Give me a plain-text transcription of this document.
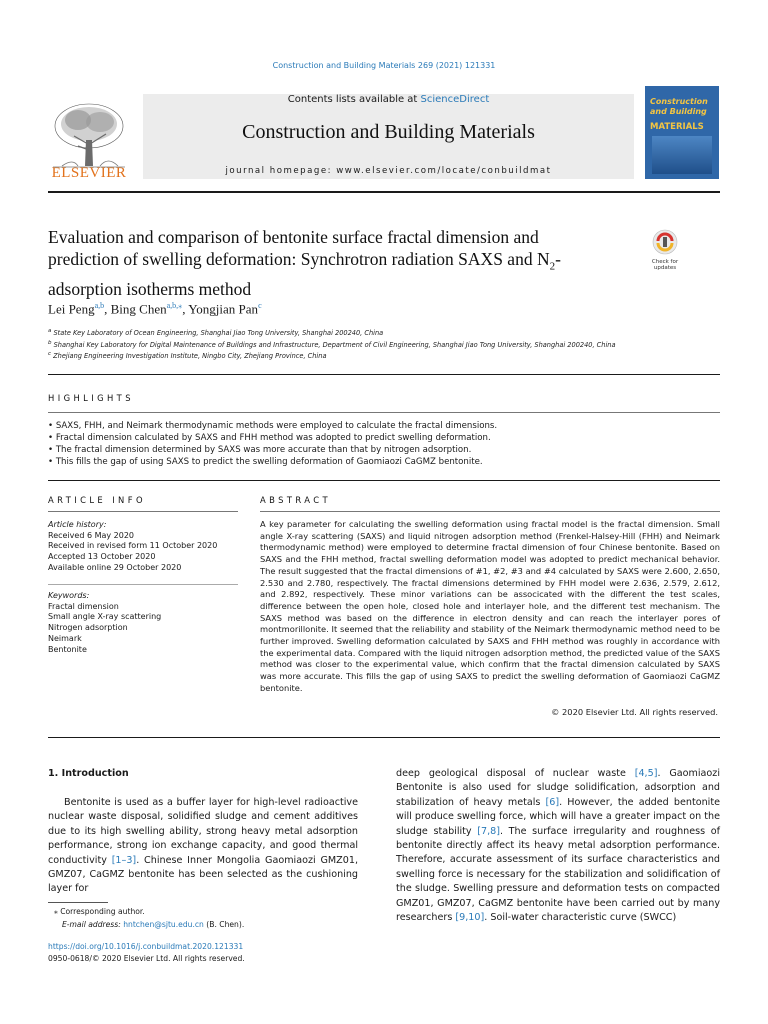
Construction and Building Materials 269 (2021) 121331
ELSEVIER
Contents lists available at ScienceDirect
Construction and Building Materials
journal homepage: www.elsevier.com/locate/conbuildmat
Construction and Building
MATERIALS
Evaluation and comparison of bentonite surface fractal dimension and prediction of swelling deformation: Synchrotron radiation SAXS and $N_2$-adsorption isotherms method
Check for updates
Lei Peng$^{a,b}$, Bing Chen$^{a,b,⁎}$, Yongjian Pan$^c$
$^a$ State Key Laboratory of Ocean Engineering, Shanghai Jiao Tong University, Shanghai 200240, China
$^b$ Shanghai Key Laboratory for Digital Maintenance of Buildings and Infrastructure, Department of Civil Engineering, Shanghai Jiao Tong University, Shanghai 200240, China
$^c$ Zhejiang Engineering Investigation Institute, Ningbo City, Zhejiang Province, China
HIGHLIGHTS
• SAXS, FHH, and Neimark thermodynamic methods were employed to calculate the fractal dimensions.
• Fractal dimension calculated by SAXS and FHH method was adopted to predict swelling deformation.
• The fractal dimension determined by SAXS was more accurate than that by nitrogen adsorption.
• This fills the gap of using SAXS to predict the swelling deformation of Gaomiaozi CaGMZ bentonite.
ARTICLE INFO
Article history:
Received 6 May 2020
Received in revised form 11 October 2020
Accepted 13 October 2020
Available online 29 October 2020
Keywords:
Fractal dimension
Small angle X-ray scattering
Nitrogen adsorption
Neimark
Bentonite
ABSTRACT
A key parameter for calculating the swelling deformation using fractal model is the fractal dimension. Small angle X-ray scattering (SAXS) and liquid nitrogen adsorption method (Frenkel-Halsey-Hill (FHH) and Neimark thermodynamic method) were employed to determine fractal dimension of four Chinese bentonite. Based on SAXS and the FHH method, fractal swelling deformation model was adopted to predict mechanical behavior. The result suggested that the fractal dimensions of #1, #2, #3 and #4 calculated by SAXS were 2.600, 2.650, 2.530 and 2.780, respectively. The fractal dimensions determined by FHH model were 2.636, 2.579, 2.612, and 2.892, respectively. These minor variations can be associcated with the different the test scales, difference between the open hole, closed hole and interlayer hole, and the different test mechanism. The SAXS method was based on the difference in electron density and can reach the interlayer pores of montmorillonite. It seemed that the reliability and stability of the Neimark thermodynamic method need to be further improved. Swelling deformation calculated by SAXS and FHH method was roughly in accordance with the experimental data. Compared with the liquid nitrogen adsorption method, the predicted value of the SAXS method was closer to the experimental value, which confirm that the fractal dimension calculated by SAXS was more accurate. This fills the gap of using SAXS to predict the swelling deformation of Gaomiaozi CaGMZ bentonite.
© 2020 Elsevier Ltd. All rights reserved.
1. Introduction
Bentonite is used as a buffer layer for high-level radioactive nuclear waste disposal, solidified sludge and cement additives due to its high swelling ability, strong heavy metal adsorption performance, strong ion exchange capacity, and good thermal conductivity [1–3]. Chinese Inner Mongolia Gaomiaozi GMZ01, GMZ07, CaGMZ bentonite has been selected as the cushioning layer for
deep geological disposal of nuclear waste [4,5]. Gaomiaozi Bentonite is also used for sludge solidification, adsorption and stabilization of heavy metals [6]. However, the added bentonite will produce swelling force, which will have a greater impact on the sludge stability [7,8]. The surface irregularity and roughness of bentonite directly affect its heavy metal adsorption performance. Therefore, accurate assessment of its surface characteristics and swelling force is necessary for the stabilization and solidification of the sludge. Swelling pressure and deformation tests on compacted GMZ01, GMZ07, CaGMZ bentonite have been carried out by many researchers [9,10]. Soil-water characteristic curve (SWCC)
⁎ Corresponding author.
E-mail address: hntchen@sjtu.edu.cn (B. Chen).
https://doi.org/10.1016/j.conbuildmat.2020.121331
0950-0618/© 2020 Elsevier Ltd. All rights reserved.
